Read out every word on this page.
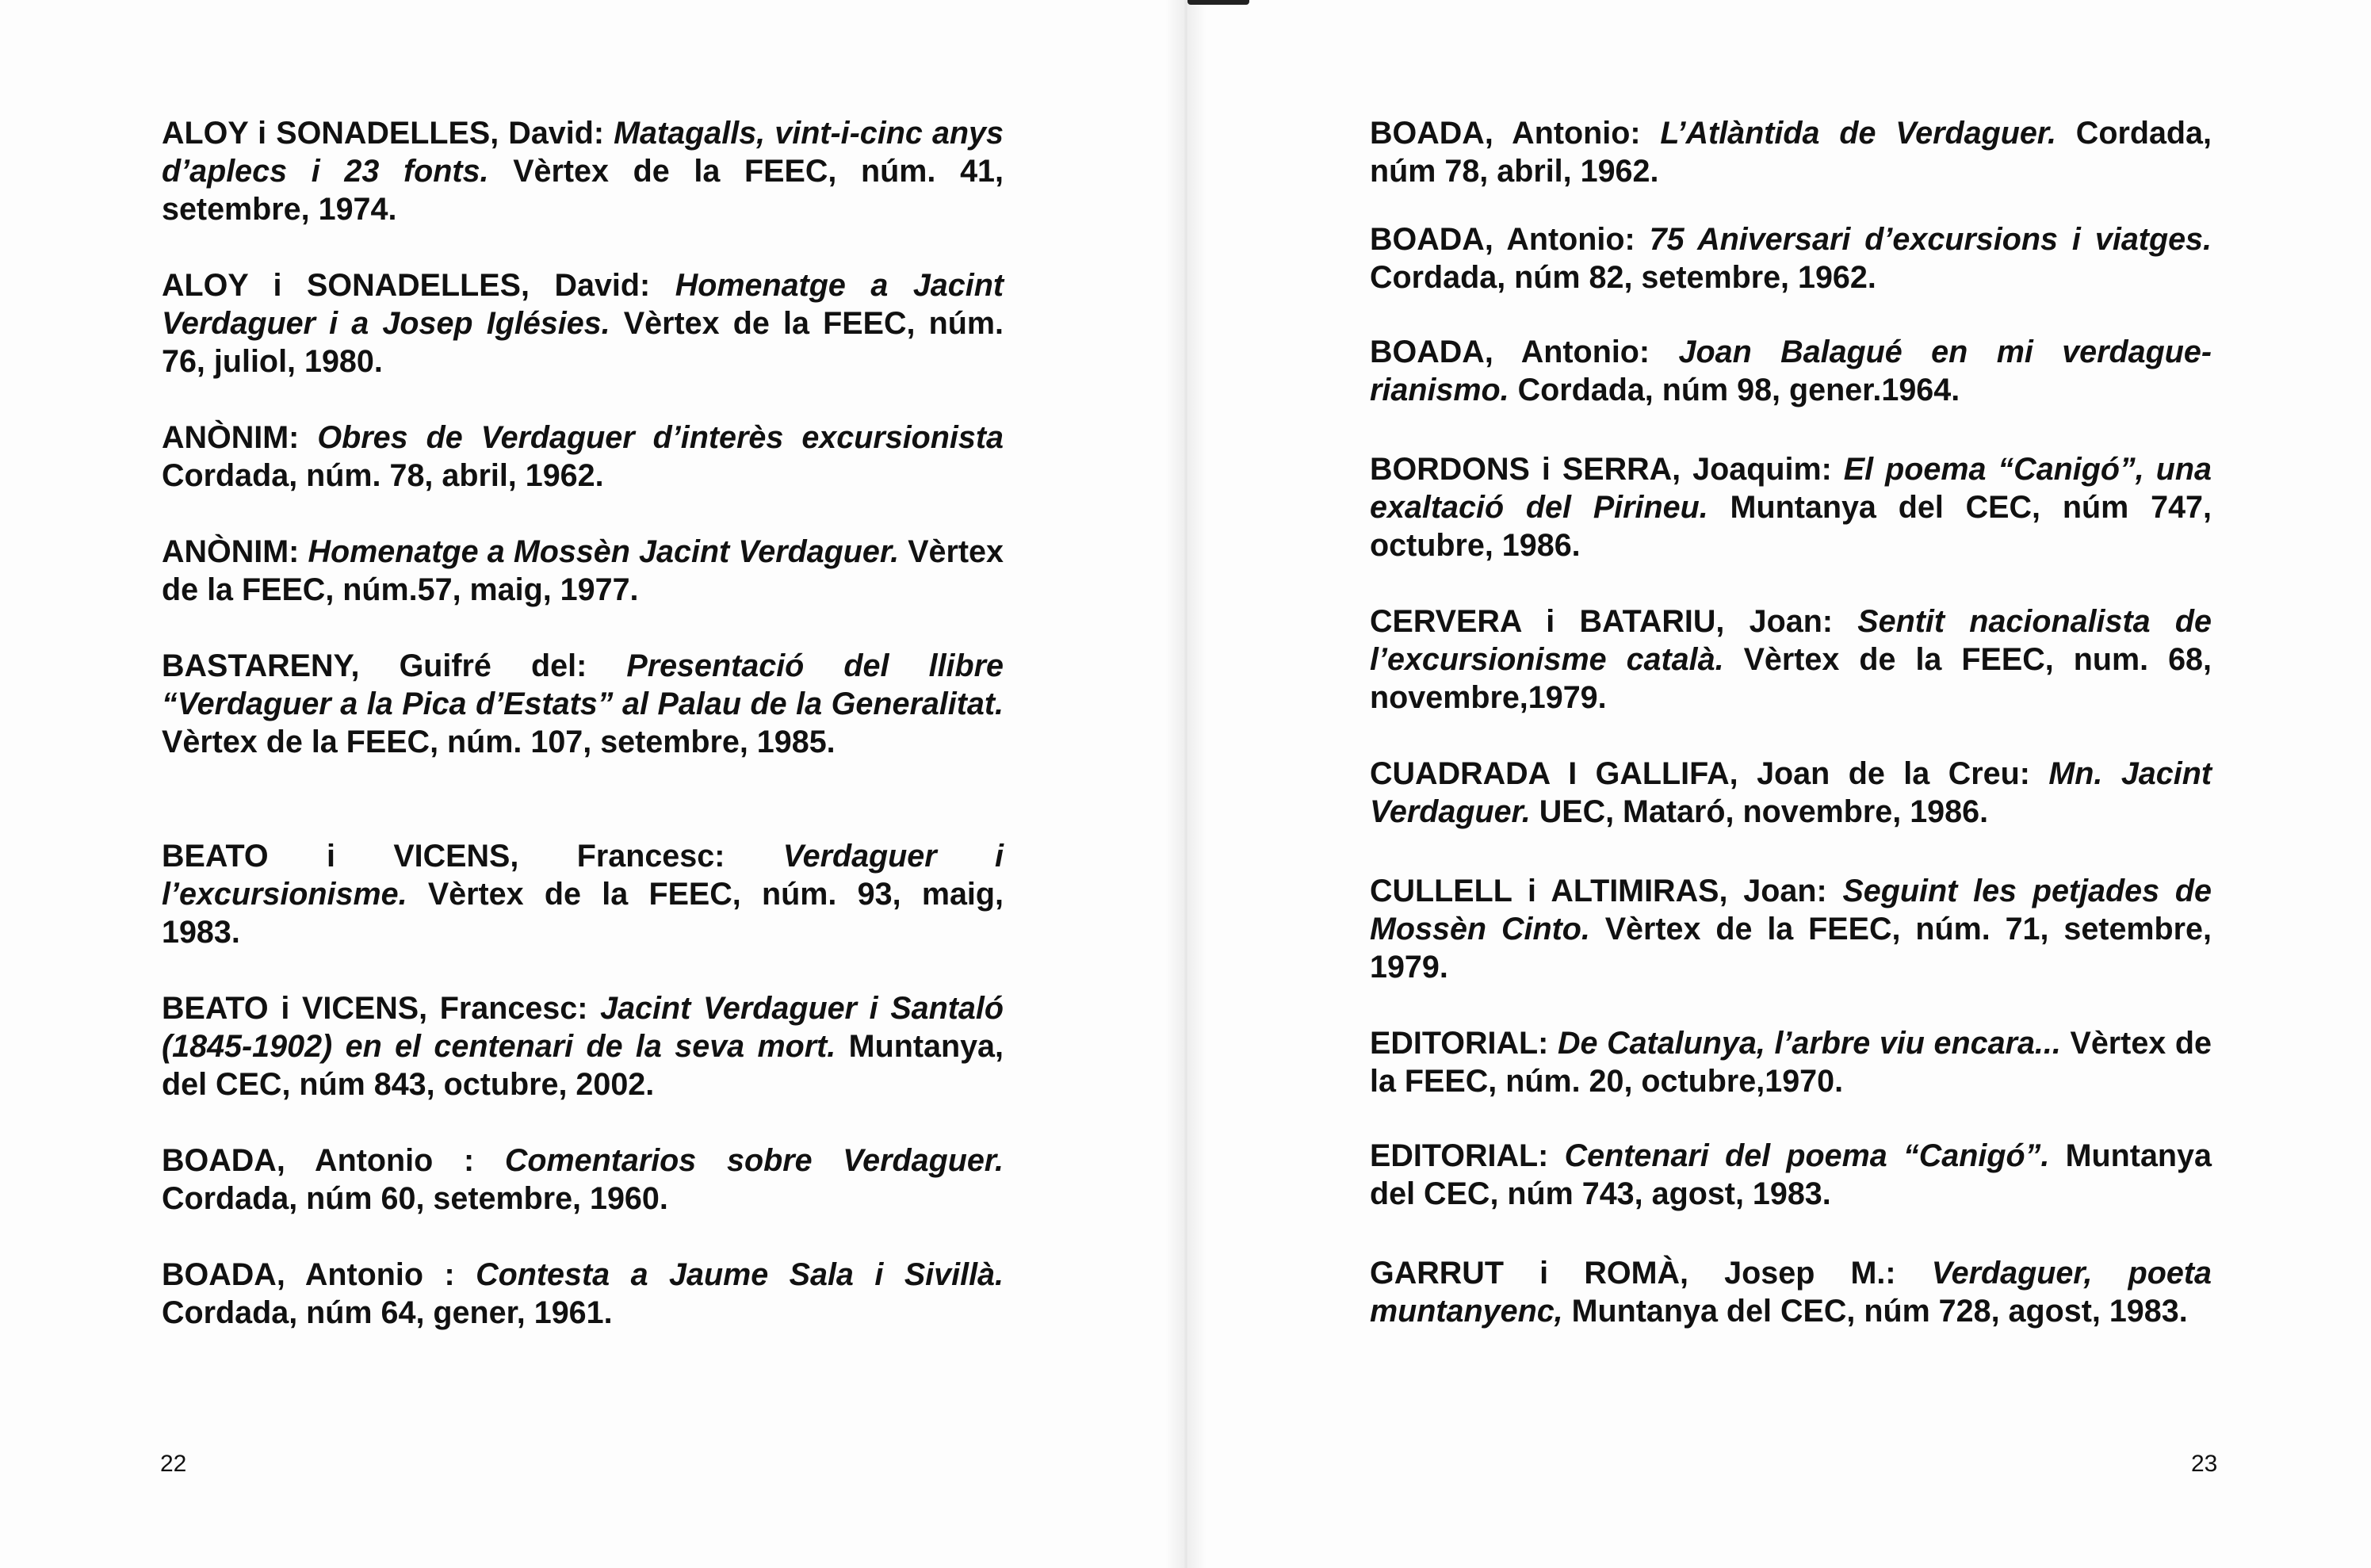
ALOY i SONADELLES, David: Matagalls, vint-i-cinc anys d’aplecs i 23 fonts. Vèrtex de la FEEC, núm. 41, setembre, 1974.

ALOY i SONADELLES, David: Homenatge a Jacint Verdaguer i a Josep Iglésies. Vèrtex de la FEEC, núm. 76, juliol, 1980.

ANÒNIM: Obres de Verdaguer d’interès excursionista Cordada, núm. 78, abril, 1962.

ANÒNIM: Homenatge a Mossèn Jacint Verdaguer. Vèrtex de la FEEC, núm.57, maig, 1977.

BASTARENY, Guifré del: Presentació del llibre “Verdaguer a la Pica d’Estats” al Palau de la Generalitat. Vèrtex de la FEEC, núm. 107, setembre, 1985.

BEATO i VICENS, Francesc: Verdaguer i l’excursionisme. Vèrtex de la FEEC, núm. 93, maig, 1983.

BEATO i VICENS, Francesc: Jacint Verdaguer i Santaló (1845-1902) en el centenari de la seva mort. Muntanya, del CEC, núm 843, octubre, 2002.

BOADA, Antonio : Comentarios sobre Verdaguer. Cordada, núm 60, setembre, 1960.

BOADA, Antonio : Contesta a Jaume Sala i Sivillà. Cordada, núm 64, gener, 1961.

22

BOADA, Antonio: L’Atlàntida de Verdaguer. Cordada, núm 78, abril, 1962.

BOADA, Antonio: 75 Aniversari d’excursions i viatges. Cordada, núm 82, setembre, 1962.

BOADA, Antonio: Joan Balagué en mi verdague-rianismo. Cordada, núm 98, gener.1964.

BORDONS i SERRA, Joaquim: El poema “Canigó”, una exaltació del Pirineu. Muntanya del CEC, núm 747, octubre, 1986.

CERVERA i BATARIU, Joan: Sentit nacionalista de l’excursionisme català. Vèrtex de la FEEC, num. 68, novembre,1979.

CUADRADA I GALLIFA, Joan de la Creu: Mn. Jacint Verdaguer. UEC, Mataró, novembre, 1986.

CULLELL i ALTIMIRAS, Joan: Seguint les petjades de Mossèn Cinto. Vèrtex de la FEEC, núm. 71, setembre, 1979.

EDITORIAL: De Catalunya, l’arbre viu encara... Vèrtex de la FEEC, núm. 20, octubre,1970.

EDITORIAL: Centenari del poema “Canigó”. Muntanya del CEC, núm 743, agost, 1983.

GARRUT i ROMÀ, Josep M.: Verdaguer, poeta muntanyenc, Muntanya del CEC, núm 728, agost, 1983.

23
